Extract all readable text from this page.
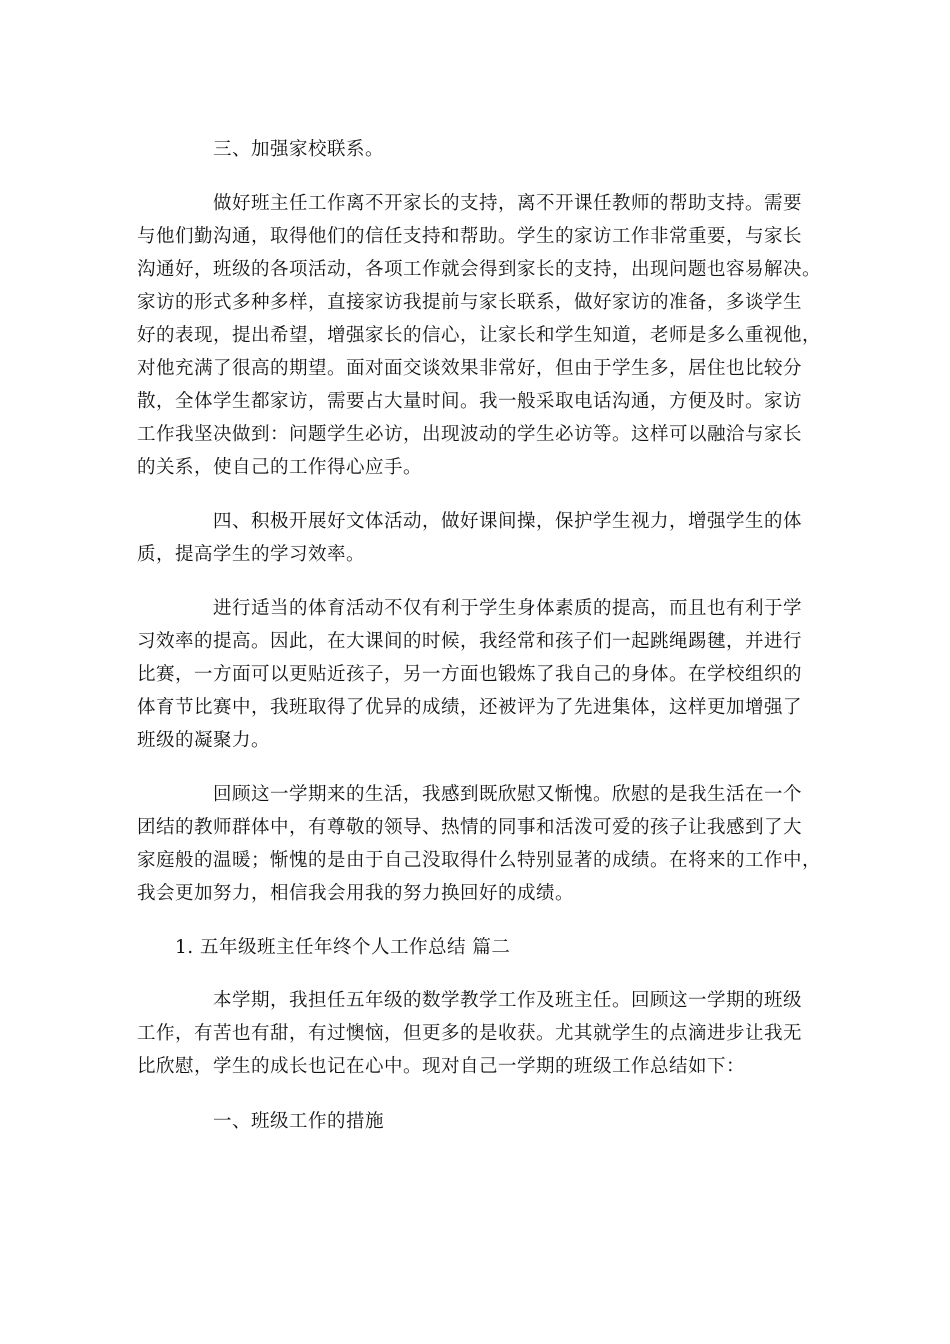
三、加强家校联系。

做好班主任工作离不开家长的支持，离不开课任教师的帮助支持。需要
与他们勤沟通，取得他们的信任支持和帮助。学生的家访工作非常重要，与家长
沟通好，班级的各项活动，各项工作就会得到家长的支持，出现问题也容易解决。
家访的形式多种多样，直接家访我提前与家长联系，做好家访的准备，多谈学生
好的表现，提出希望，增强家长的信心，让家长和学生知道，老师是多么重视他，
对他充满了很高的期望。面对面交谈效果非常好，但由于学生多，居住也比较分
散，全体学生都家访，需要占大量时间。我一般采取电话沟通，方便及时。家访
工作我坚决做到：问题学生必访，出现波动的学生必访等。这样可以融洽与家长
的关系，使自己的工作得心应手。

四、积极开展好文体活动，做好课间操，保护学生视力，增强学生的体
质，提高学生的学习效率。

进行适当的体育活动不仅有利于学生身体素质的提高，而且也有利于学
习效率的提高。因此，在大课间的时候，我经常和孩子们一起跳绳踢毽，并进行
比赛，一方面可以更贴近孩子，另一方面也锻炼了我自己的身体。在学校组织的
体育节比赛中，我班取得了优异的成绩，还被评为了先进集体，这样更加增强了
班级的凝聚力。

回顾这一学期来的生活，我感到既欣慰又惭愧。欣慰的是我生活在一个
团结的教师群体中，有尊敬的领导、热情的同事和活泼可爱的孩子让我感到了大
家庭般的温暖；惭愧的是由于自己没取得什么特别显著的成绩。在将来的工作中，
我会更加努力，相信我会用我的努力换回好的成绩。

1. 五年级班主任年终个人工作总结 篇二

本学期，我担任五年级的数学教学工作及班主任。回顾这一学期的班级
工作，有苦也有甜，有过懊恼，但更多的是收获。尤其就学生的点滴进步让我无
比欣慰，学生的成长也记在心中。现对自己一学期的班级工作总结如下：

一、班级工作的措施
